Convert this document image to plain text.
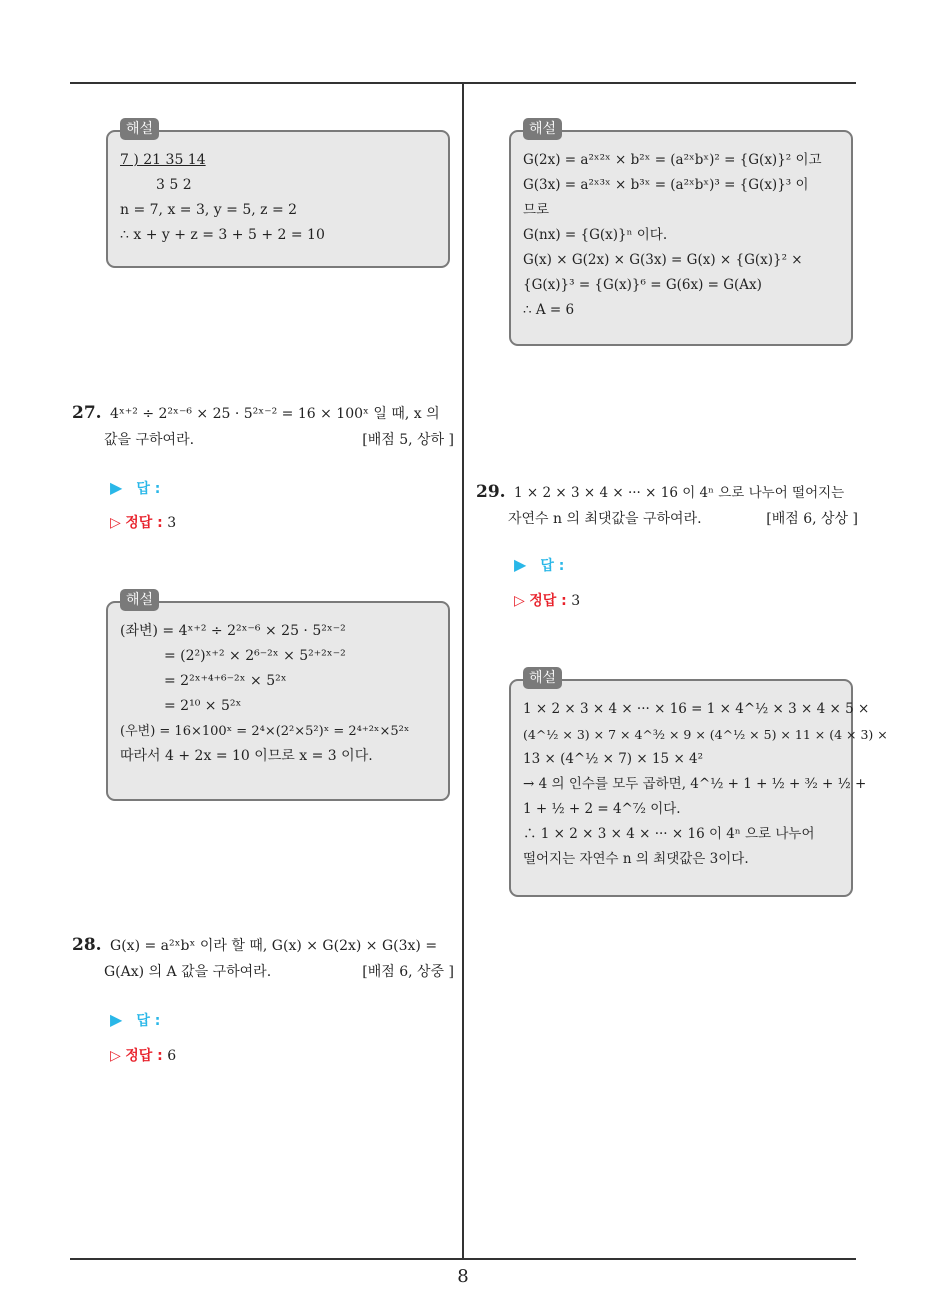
해설
7 ) 21 35 14
3 5 2
n = 7, x = 3, y = 5, z = 2
∴ x + y + z = 3 + 5 + 2 = 10
27. 4ˣ⁺² ÷ 2²ˣ⁻⁶ × 25 · 5²ˣ⁻² = 16 × 100ˣ 일 때, x 의
값을 구하여라.	[배점 5, 상하 ]
▶ 답 :
▷ 정답 : 3
해설
(좌변) = 4ˣ⁺² ÷ 2²ˣ⁻⁶ × 25 · 5²ˣ⁻²
= (2²)ˣ⁺² × 2⁶⁻²ˣ × 5²⁺²ˣ⁻²
= 2²ˣ⁺⁴⁺⁶⁻²ˣ × 5²ˣ
= 2¹⁰ × 5²ˣ
(우변) = 16×100ˣ = 2⁴×(2²×5²)ˣ = 2⁴⁺²ˣ×5²ˣ
따라서 4 + 2x = 10 이므로 x = 3 이다.
28. G(x) = a²ˣbˣ 이라 할 때, G(x) × G(2x) × G(3x) =
G(Ax) 의 A 값을 구하여라.	[배점 6, 상중 ]
▶ 답 :
▷ 정답 : 6
해설
G(2x) = a²ˣ²ˣ × b²ˣ = (a²ˣbˣ)² = {G(x)}² 이고
G(3x) = a²ˣ³ˣ × b³ˣ = (a²ˣbˣ)³ = {G(x)}³ 이
므로
G(nx) = {G(x)}ⁿ 이다.
G(x) × G(2x) × G(3x) = G(x) × {G(x)}² ×
{G(x)}³ = {G(x)}⁶ = G(6x) = G(Ax)
∴ A = 6
29. 1 × 2 × 3 × 4 × ··· × 16 이 4ⁿ 으로 나누어 떨어지는
자연수 n 의 최댓값을 구하여라.	[배점 6, 상상 ]
▶ 답 :
▷ 정답 : 3
해설
1 × 2 × 3 × 4 × ··· × 16 = 1 × 4^½ × 3 × 4 × 5 ×
(4^½ × 3) × 7 × 4^³⁄₂ × 9 × (4^½ × 5) × 11 × (4 × 3) ×
13 × (4^½ × 7) × 15 × 4²
→ 4 의 인수를 모두 곱하면, 4^½ + 1 + ½ + ³⁄₂ + ½ +
1 + ½ + 2 = 4^⁷⁄₂ 이다.
∴ 1 × 2 × 3 × 4 × ··· × 16 이 4ⁿ 으로 나누어
떨어지는 자연수 n 의 최댓값은 3이다.
8
